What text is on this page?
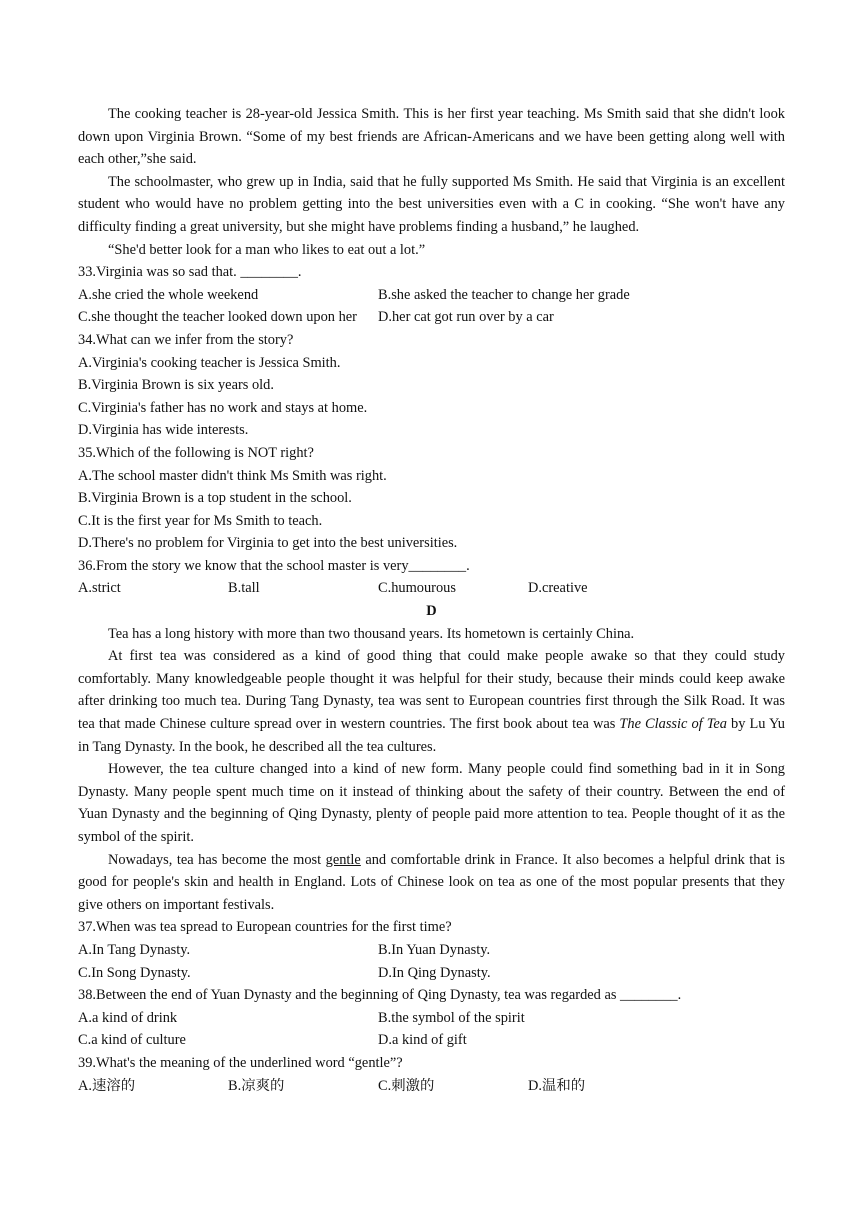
The cooking teacher is 28-year-old Jessica Smith. This is her first year teaching. Ms Smith said that she didn't look down upon Virginia Brown. “Some of my best friends are African-Americans and we have been getting along well with each other,”she said.

The schoolmaster, who grew up in India, said that he fully supported Ms Smith. He said that Virginia is an excellent student who would have no problem getting into the best universities even with a C in cooking. “She won't have any difficulty finding a great university, but she might have problems finding a husband,” he laughed.

“She'd better look for a man who likes to eat out a lot.”

33.Virginia was so sad that. ________.

A.she cried the whole weekend	B.she asked the teacher to change her grade
C.she thought the teacher looked down upon her	D.her cat got run over by a car

34.What can we infer from the story?

A.Virginia's cooking teacher is Jessica Smith.

B.Virginia Brown is six years old.

C.Virginia's father has no work and stays at home.

D.Virginia has wide interests.

35.Which of the following is NOT right?

A.The school master didn't think Ms Smith was right.

B.Virginia Brown is a top student in the school.

C.It is the first year for Ms Smith to teach.

D.There's no problem for Virginia to get into the best universities.

36.From the story we know that the school master is very________.

A.strict	B.tall	C.humourous	D.creative

D

Tea has a long history with more than two thousand years. Its hometown is certainly China.

At first tea was considered as a kind of good thing that could make people awake so that they could study comfortably. Many knowledgeable people thought it was helpful for their study, because their minds could keep awake after drinking too much tea. During Tang Dynasty, tea was sent to European countries first through the Silk Road. It was tea that made Chinese culture spread over in western countries. The first book about tea was The Classic of Tea by Lu Yu in Tang Dynasty. In the book, he described all the tea cultures.

However, the tea culture changed into a kind of new form. Many people could find something bad in it in Song Dynasty. Many people spent much time on it instead of thinking about the safety of their country. Between the end of Yuan Dynasty and the beginning of Qing Dynasty, plenty of people paid more attention to tea. People thought of it as the symbol of the spirit.

Nowadays, tea has become the most gentle and comfortable drink in France. It also becomes a helpful drink that is good for people's skin and health in England. Lots of Chinese look on tea as one of the most popular presents that they give others on important festivals.

37.When was tea spread to European countries for the first time?

A.In Tang Dynasty.	B.In Yuan Dynasty.
C.In Song Dynasty.	D.In Qing Dynasty.

38.Between the end of Yuan Dynasty and the beginning of Qing Dynasty, tea was regarded as ________.

A.a kind of drink	B.the symbol of the spirit
C.a kind of culture	D.a kind of gift

39.What's the meaning of the underlined word “gentle”?

A.速溶的	B.凉爽的	C.刺激的	D.温和的
